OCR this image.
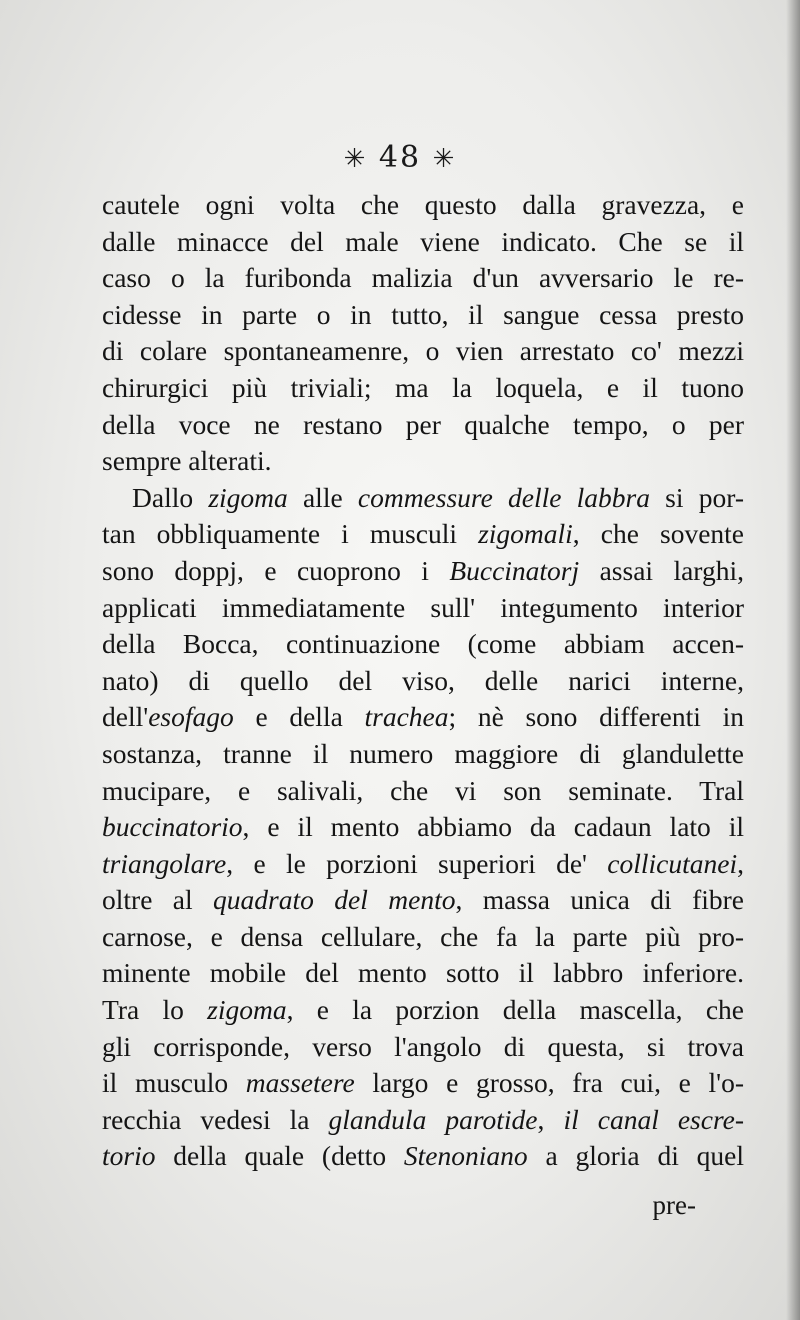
✳ 48 ✳
cautele ogni volta che questo dalla gravezza, e
dalle minacce del male viene indicato. Che se il
caso o la furibonda malizia d'un avversario le re-
cidesse in parte o in tutto, il sangue cessa presto
di colare spontaneamenre, o vien arrestato co' mezzi
chirurgici più triviali; ma la loquela, e il tuono
della voce ne restano per qualche tempo, o per
sempre alterati.
Dallo zigoma alle commessure delle labbra si por-
tan obbliquamente i musculi zigomali, che sovente
sono doppj, e cuoprono i Buccinatorj assai larghi,
applicati immediatamente sull' integumento interior
della Bocca, continuazione (come abbiam accen-
nato) di quello del viso, delle narici interne,
dell'esofago e della trachea; nè sono differenti in
sostanza, tranne il numero maggiore di glandulette
mucipare, e salivali, che vi son seminate. Tral
buccinatorio, e il mento abbiamo da cadaun lato il
triangolare, e le porzioni superiori de' collicutanei,
oltre al quadrato del mento, massa unica di fibre
carnose, e densa cellulare, che fa la parte più pro-
minente mobile del mento sotto il labbro inferiore.
Tra lo zigoma, e la porzion della mascella, che
gli corrisponde, verso l'angolo di questa, si trova
il musculo massetere largo e grosso, fra cui, e l'o-
recchia vedesi la glandula parotide, il canal escre-
torio della quale (detto Stenoniano a gloria di quel
pre-
